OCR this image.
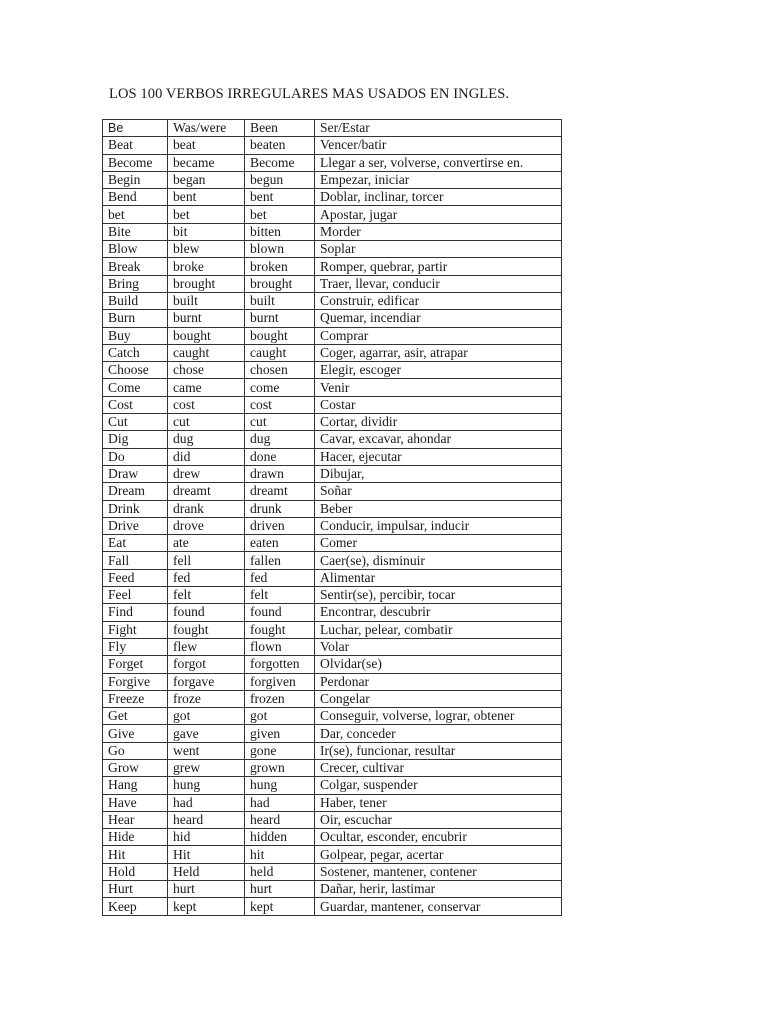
LOS 100 VERBOS IRREGULARES MAS USADOS EN INGLES.
Be	Was/were	Been	Ser/Estar
Beat	beat	beaten	Vencer/batir
Become	became	Become	Llegar a ser, volverse, convertirse en.
Begin	began	begun	Empezar, iniciar
Bend	bent	bent	Doblar, inclinar, torcer
bet	bet	bet	Apostar, jugar
Bite	bit	bitten	Morder
Blow	blew	blown	Soplar
Break	broke	broken	Romper, quebrar, partir
Bring	brought	brought	Traer, llevar, conducir
Build	built	built	Construir, edificar
Burn	burnt	burnt	Quemar, incendiar
Buy	bought	bought	Comprar
Catch	caught	caught	Coger, agarrar, asir, atrapar
Choose	chose	chosen	Elegir, escoger
Come	came	come	Venir
Cost	cost	cost	Costar
Cut	cut	cut	Cortar, dividir
Dig	dug	dug	Cavar, excavar, ahondar
Do	did	done	Hacer, ejecutar
Draw	drew	drawn	Dibujar,
Dream	dreamt	dreamt	Soñar
Drink	drank	drunk	Beber
Drive	drove	driven	Conducir, impulsar, inducir
Eat	ate	eaten	Comer
Fall	fell	fallen	Caer(se), disminuir
Feed	fed	fed	Alimentar
Feel	felt	felt	Sentir(se), percibir, tocar
Find	found	found	Encontrar, descubrir
Fight	fought	fought	Luchar, pelear, combatir
Fly	flew	flown	Volar
Forget	forgot	forgotten	Olvidar(se)
Forgive	forgave	forgiven	Perdonar
Freeze	froze	frozen	Congelar
Get	got	got	Conseguir, volverse, lograr, obtener
Give	gave	given	Dar, conceder
Go	went	gone	Ir(se), funcionar, resultar
Grow	grew	grown	Crecer, cultivar
Hang	hung	hung	Colgar, suspender
Have	had	had	Haber, tener
Hear	heard	heard	Oir, escuchar
Hide	hid	hidden	Ocultar, esconder, encubrir
Hit	Hit	hit	Golpear, pegar, acertar
Hold	Held	held	Sostener, mantener, contener
Hurt	hurt	hurt	Dañar, herir, lastimar
Keep	kept	kept	Guardar, mantener, conservar
